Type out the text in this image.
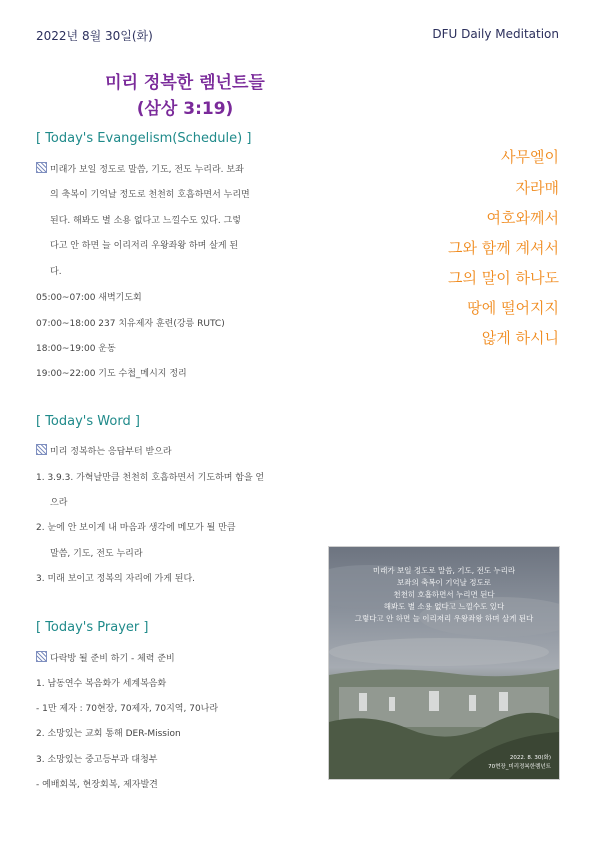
2022년 8월 30일(화)	DFU Daily Meditation
미리 정복한 렘넌트들
(삼상 3:19)
[ Today's Evangelism(Schedule) ]
미래가 보일 정도로 말씀, 기도, 전도 누리라. 보좌
의 축복이 기억날 정도로 천천히 호흡하면서 누리면
된다. 해봐도 별 소용 없다고 느낄수도 있다. 그렇
다고 안 하면 늘 이리저리 우왕좌왕 하며 살게 된
다.
05:00~07:00 새벽기도회
07:00~18:00 237 치유제자 훈련(강릉 RUTC)
18:00~19:00 운동
19:00~22:00 기도 수첩_메시지 정리
[ Today's Word ]
미리 정복하는 응답부터 받으라
1. 3.9.3. 가혁날만큼 천천히 호흡하면서 기도하며 함을 얻
으라
2. 눈에 안 보이게 내 마음과 생각에 메모가 될 만큼
말씀, 기도, 전도 누리라
3. 미래 보이고 정복의 자리에 가게 된다.
[ Today's Prayer ]
다락방 될 준비 하기 - 체력 준비
1. 남동연수 복음화가 세계복음화
- 1만 제자 : 70현장, 70제자, 70지역, 70나라
2. 소망있는 교회 통해 DER-Mission
3. 소망있는 중고등부과 대청부
- 예배회복, 현장회복, 제자발견
사무엘이
자라매
여호와께서
그와 함께 계셔서
그의 말이 하나도
땅에 떨어지지
않게 하시니
미래가 보일 정도로 말씀, 기도, 전도 누리라
보좌의 축복이 기억날 정도로
천천히 호흡하면서 누리면 된다
해봐도 별 소용 없다고 느낄수도 있다
그렇다고 안 하면 늘 이리저리 우왕좌왕 하며 살게 된다
2022. 8. 30(화)
70현장_미리정복한렘넌트
